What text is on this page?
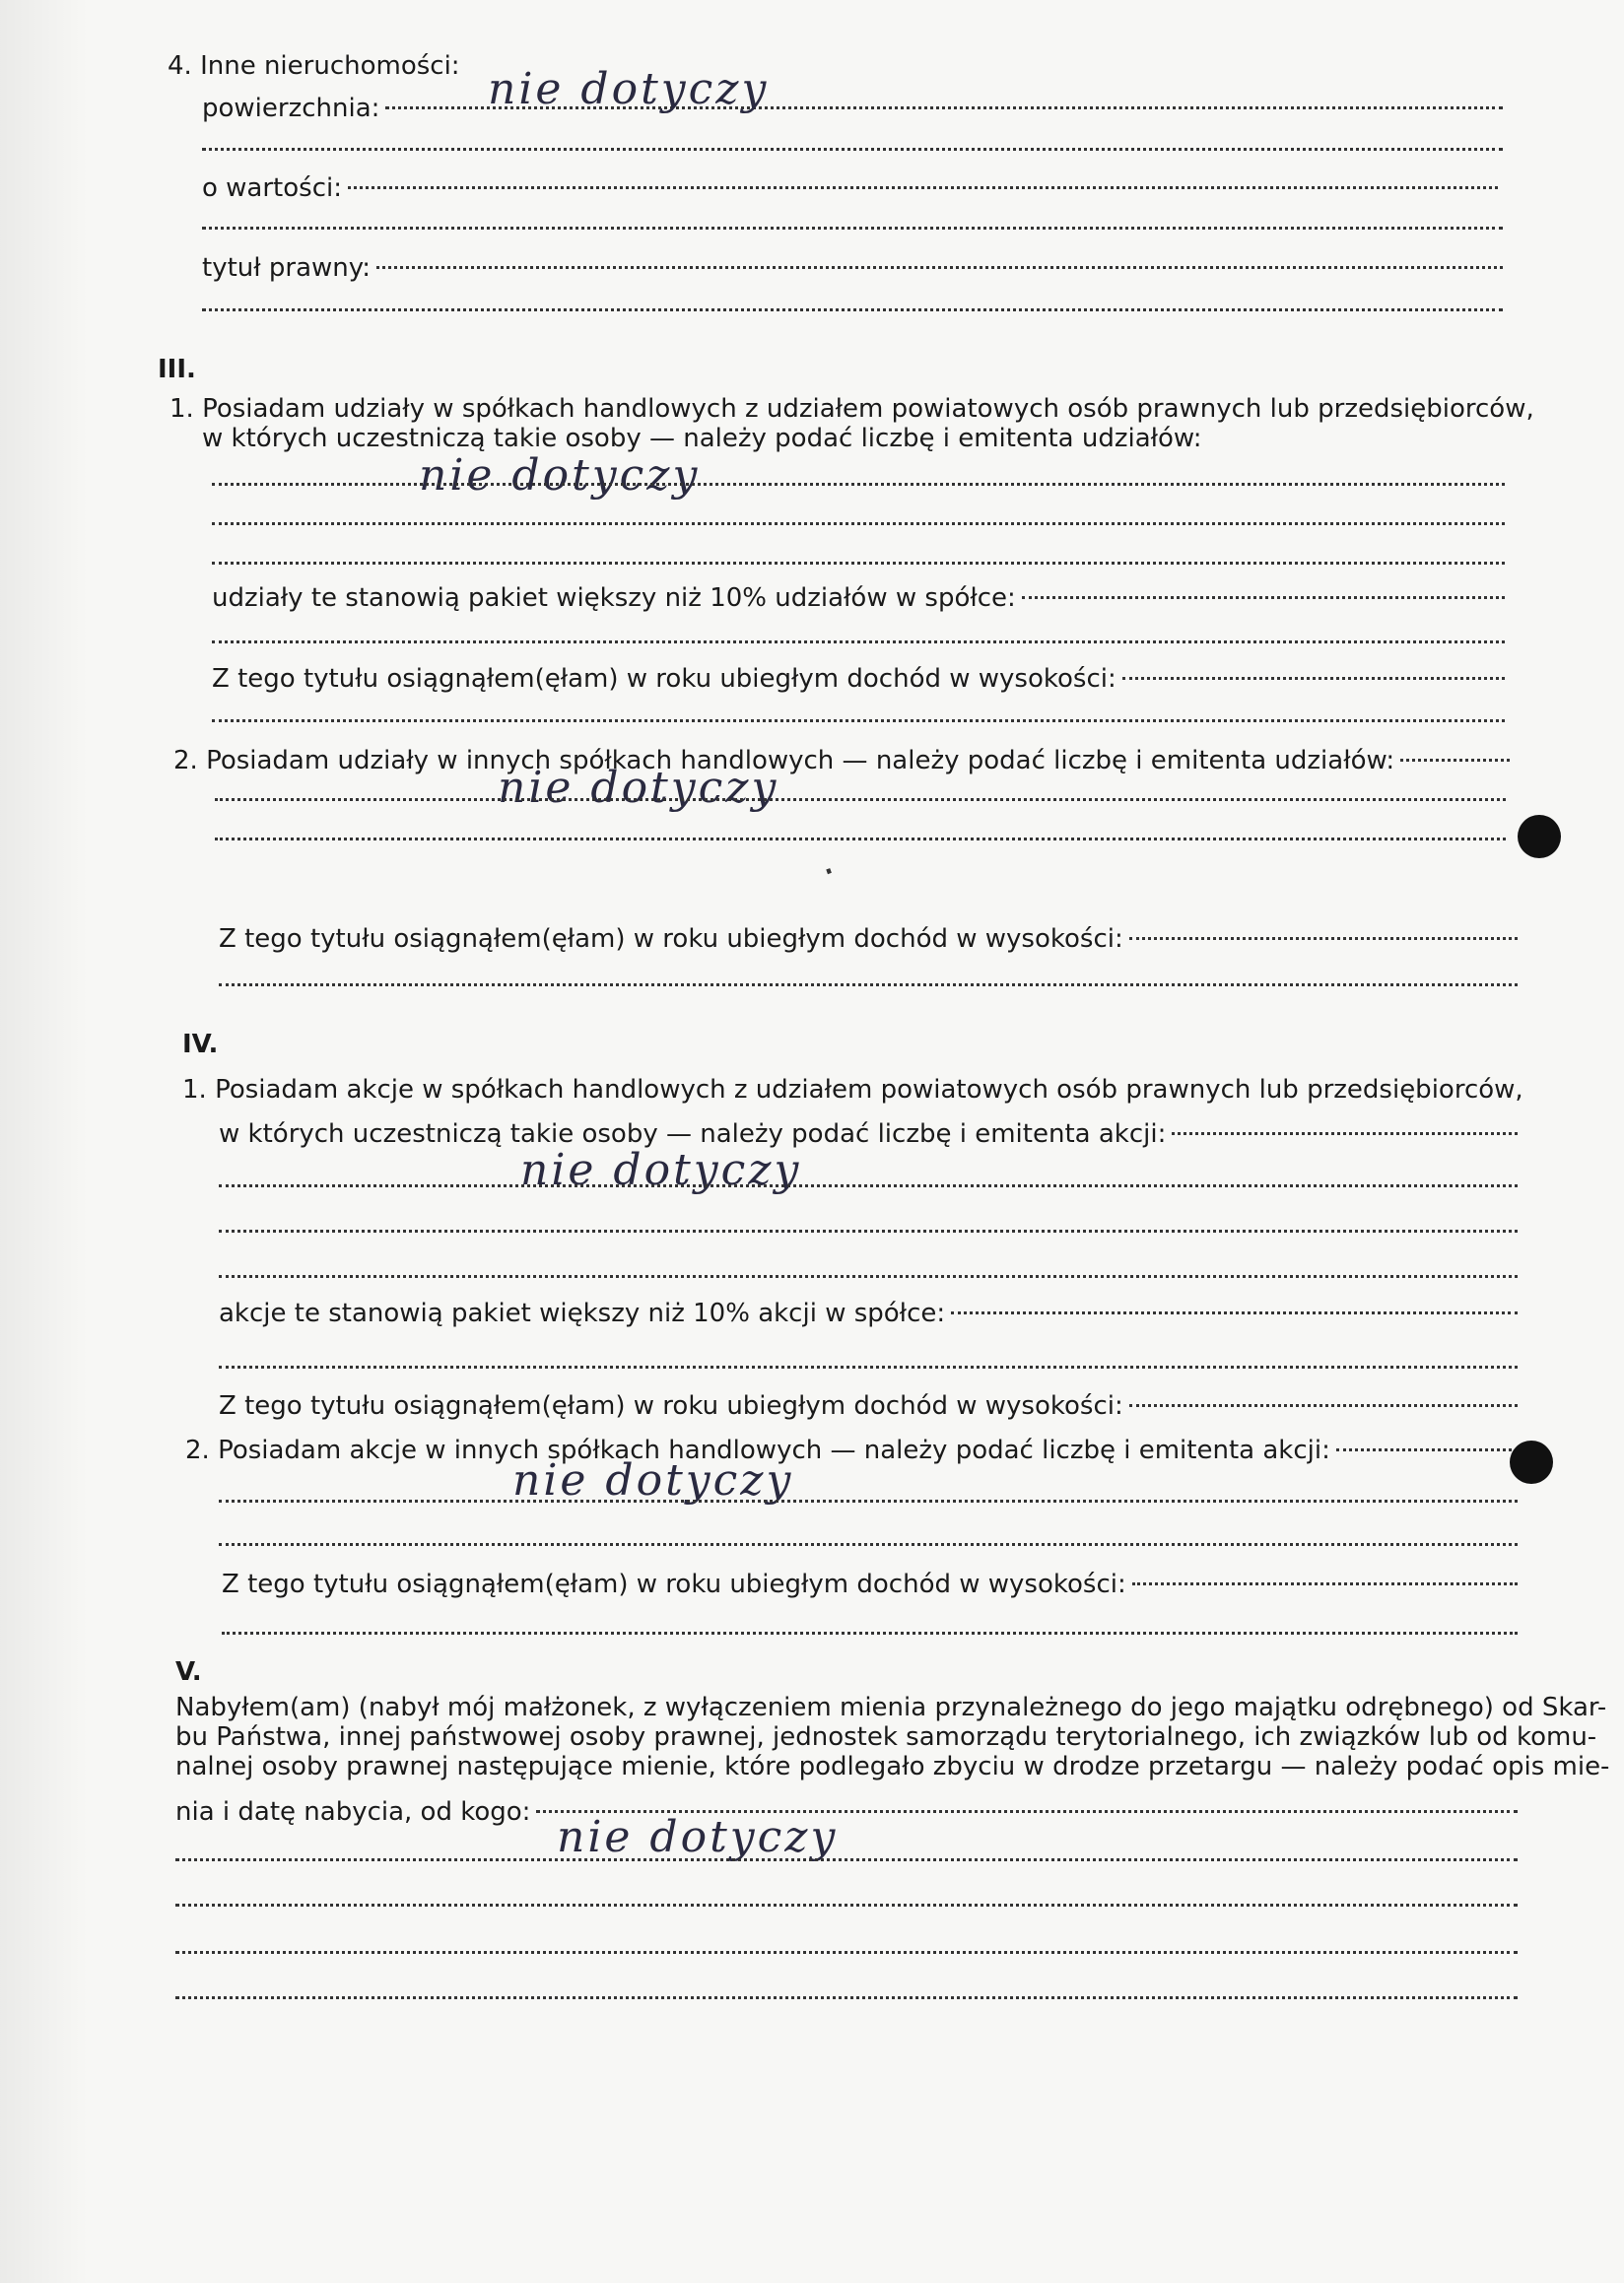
4. Inne nieruchomości:
powierzchnia: nie dotyczy
o wartości:
tytuł prawny:
III.
1. Posiadam udziały w spółkach handlowych z udziałem powiatowych osób prawnych lub przedsiębiorców,
w których uczestniczą takie osoby — należy podać liczbę i emitenta udziałów:
nie dotyczy
udziały te stanowią pakiet większy niż 10% udziałów w spółce:
Z tego tytułu osiągnąłem(ęłam) w roku ubiegłym dochód w wysokości:
2. Posiadam udziały w innych spółkach handlowych — należy podać liczbę i emitenta udziałów:
nie dotyczy
·
Z tego tytułu osiągnąłem(ęłam) w roku ubiegłym dochód w wysokości:
IV.
1. Posiadam akcje w spółkach handlowych z udziałem powiatowych osób prawnych lub przedsiębiorców,
w których uczestniczą takie osoby — należy podać liczbę i emitenta akcji:
nie dotyczy
akcje te stanowią pakiet większy niż 10% akcji w spółce:
Z tego tytułu osiągnąłem(ęłam) w roku ubiegłym dochód w wysokości:
2. Posiadam akcje w innych spółkach handlowych — należy podać liczbę i emitenta akcji:
nie dotyczy
Z tego tytułu osiągnąłem(ęłam) w roku ubiegłym dochód w wysokości:
V.
Nabyłem(am) (nabył mój małżonek, z wyłączeniem mienia przynależnego do jego majątku odrębnego) od Skar-
bu Państwa, innej państwowej osoby prawnej, jednostek samorządu terytorialnego, ich związków lub od komu-
nalnej osoby prawnej następujące mienie, które podlegało zbyciu w drodze przetargu — należy podać opis mie-
nia i datę nabycia, od kogo: nie dotyczy
